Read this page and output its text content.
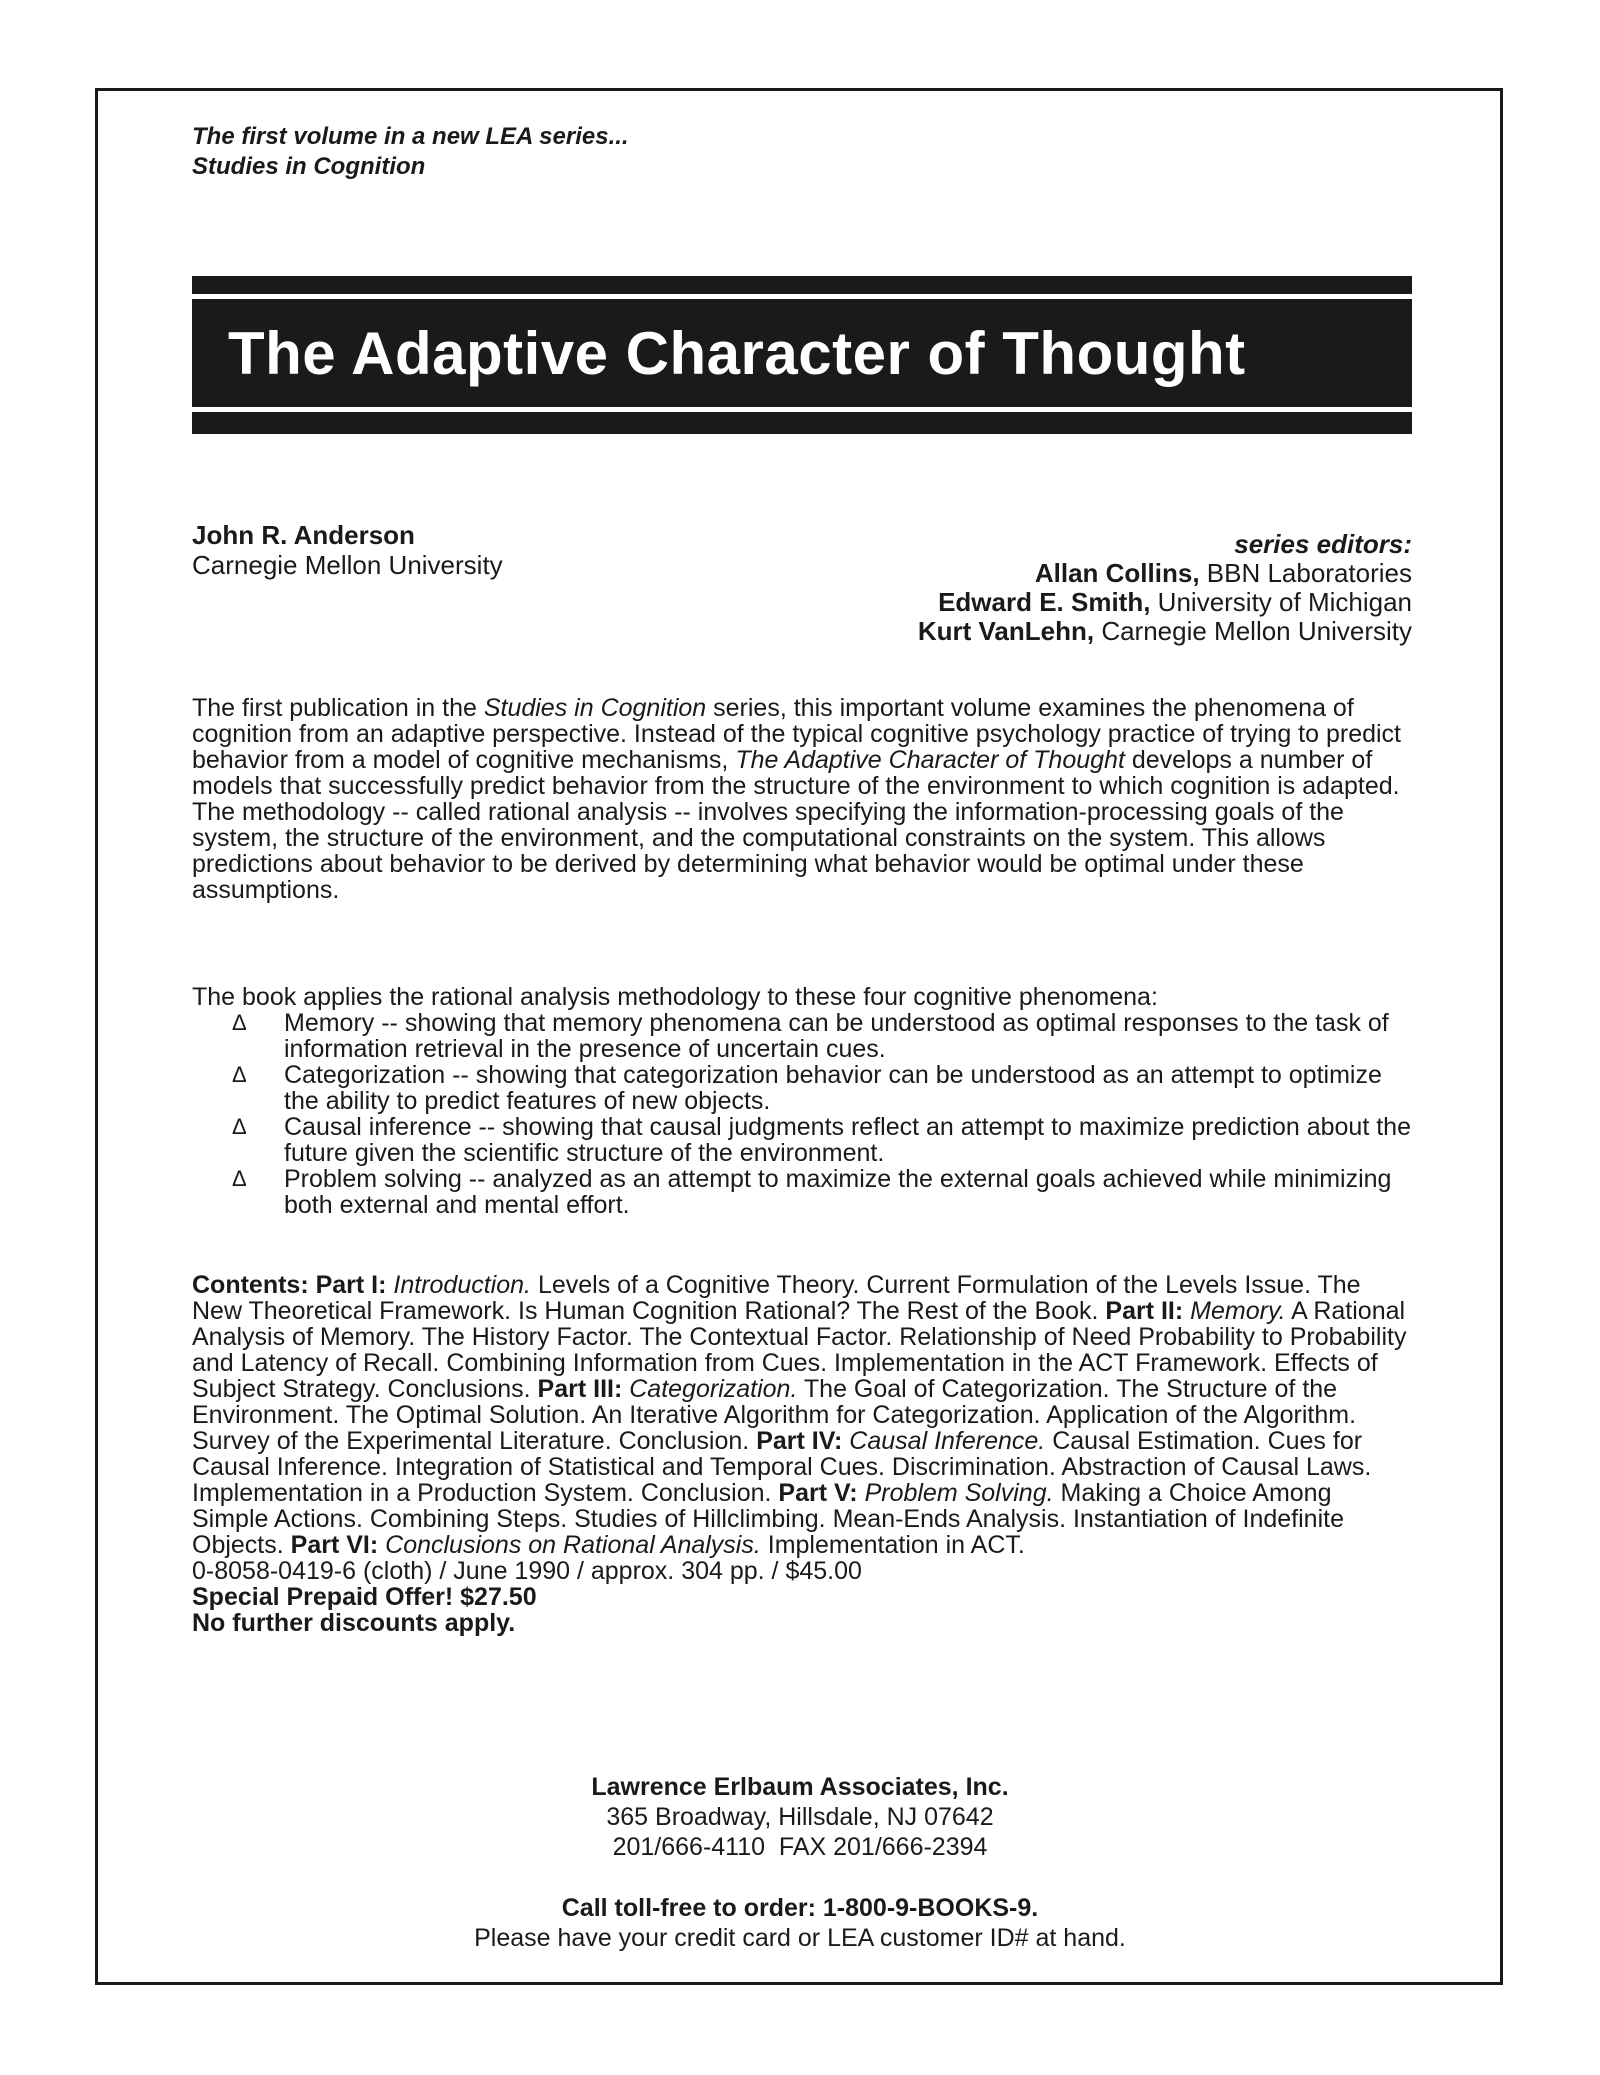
The first volume in a new LEA series...
Studies in Cognition
The Adaptive Character of Thought
John R. Anderson
Carnegie Mellon University
series editors:
Allan Collins, BBN Laboratories
Edward E. Smith, University of Michigan
Kurt VanLehn, Carnegie Mellon University
The first publication in the Studies in Cognition series, this important volume examines the phenomena of cognition from an adaptive perspective. Instead of the typical cognitive psychology practice of trying to predict behavior from a model of cognitive mechanisms, The Adaptive Character of Thought develops a number of models that successfully predict behavior from the structure of the environment to which cognition is adapted. The methodology -- called rational analysis -- involves specifying the information-processing goals of the system, the structure of the environment, and the computational constraints on the system. This allows predictions about behavior to be derived by determining what behavior would be optimal under these assumptions.
The book applies the rational analysis methodology to these four cognitive phenomena:
Δ Memory -- showing that memory phenomena can be understood as optimal responses to the task of information retrieval in the presence of uncertain cues.
Δ Categorization -- showing that categorization behavior can be understood as an attempt to optimize the ability to predict features of new objects.
Δ Causal inference -- showing that causal judgments reflect an attempt to maximize prediction about the future given the scientific structure of the environment.
Δ Problem solving -- analyzed as an attempt to maximize the external goals achieved while minimizing both external and mental effort.
Contents: Part I: Introduction. Levels of a Cognitive Theory. Current Formulation of the Levels Issue. The New Theoretical Framework. Is Human Cognition Rational? The Rest of the Book. Part II: Memory. A Rational Analysis of Memory. The History Factor. The Contextual Factor. Relationship of Need Probability to Probability and Latency of Recall. Combining Information from Cues. Implementation in the ACT Framework. Effects of Subject Strategy. Conclusions. Part III: Categorization. The Goal of Categorization. The Structure of the Environment. The Optimal Solution. An Iterative Algorithm for Categorization. Application of the Algorithm. Survey of the Experimental Literature. Conclusion. Part IV: Causal Inference. Causal Estimation. Cues for Causal Inference. Integration of Statistical and Temporal Cues. Discrimination. Abstraction of Causal Laws. Implementation in a Production System. Conclusion. Part V: Problem Solving. Making a Choice Among Simple Actions. Combining Steps. Studies of Hillclimbing. Mean-Ends Analysis. Instantiation of Indefinite Objects. Part VI: Conclusions on Rational Analysis. Implementation in ACT.
0-8058-0419-6 (cloth) / June 1990 / approx. 304 pp. / $45.00
Special Prepaid Offer! $27.50
No further discounts apply.
Lawrence Erlbaum Associates, Inc.
365 Broadway, Hillsdale, NJ 07642
201/666-4110  FAX 201/666-2394
Call toll-free to order: 1-800-9-BOOKS-9.
Please have your credit card or LEA customer ID# at hand.
